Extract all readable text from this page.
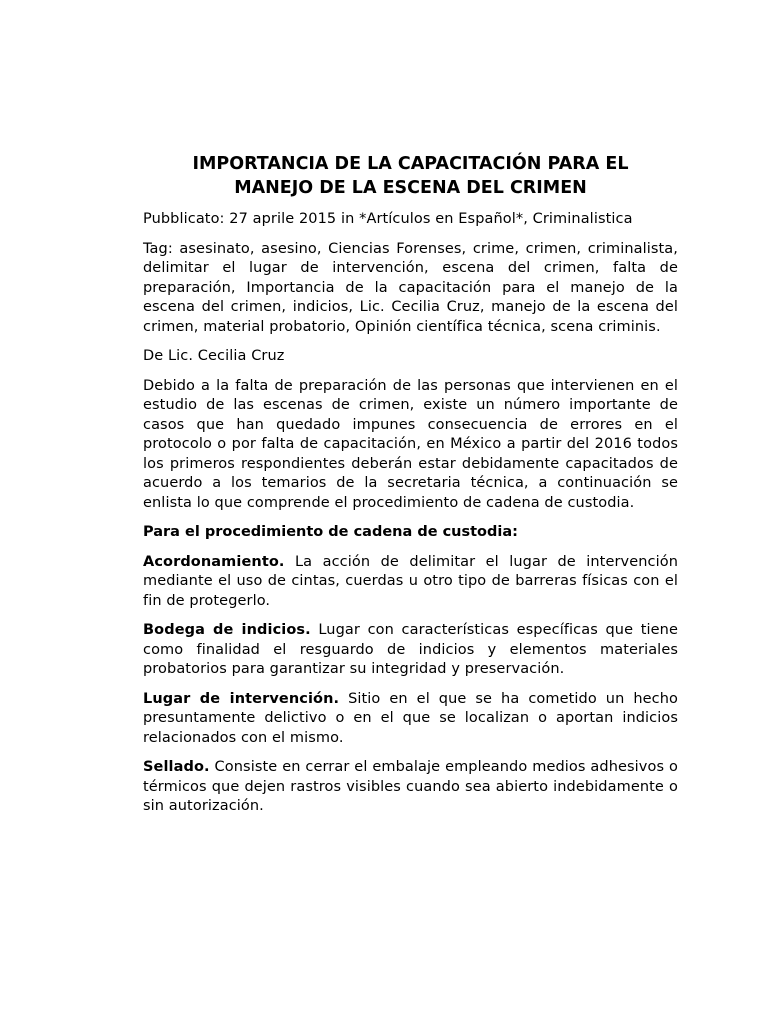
IMPORTANCIA DE LA CAPACITACIÓN PARA EL
MANEJO DE LA ESCENA DEL CRIMEN

Pubblicato: 27 aprile 2015 in *Artículos en Español*, Criminalistica

Tag: asesinato, asesino, Ciencias Forenses, crime, crimen, criminalista, delimitar el lugar de intervención, escena del crimen, falta de preparación, Importancia de la capacitación para el manejo de la escena del crimen, indicios, Lic. Cecilia Cruz, manejo de la escena del crimen, material probatorio, Opinión científica técnica, scena criminis.

De Lic. Cecilia Cruz

Debido a la falta de preparación de las personas que intervienen en el estudio de las escenas de crimen, existe un número importante de casos que han quedado impunes consecuencia de errores en el protocolo o por falta de capacitación, en México a partir del 2016 todos los primeros respondientes deberán estar debidamente capacitados de acuerdo a los temarios de la secretaria técnica, a continuación se enlista lo que comprende el procedimiento de cadena de custodia.

Para el procedimiento de cadena de custodia:

Acordonamiento. La acción de delimitar el lugar de intervención mediante el uso de cintas, cuerdas u otro tipo de barreras físicas con el fin de protegerlo.

Bodega de indicios. Lugar con características específicas que tiene como finalidad el resguardo de indicios y elementos materiales probatorios para garantizar su integridad y preservación.

Lugar de intervención. Sitio en el que se ha cometido un hecho presuntamente delictivo o en el que se localizan o aportan indicios relacionados con el mismo.

Sellado. Consiste en cerrar el embalaje empleando medios adhesivos o térmicos que dejen rastros visibles cuando sea abierto indebidamente o sin autorización.
